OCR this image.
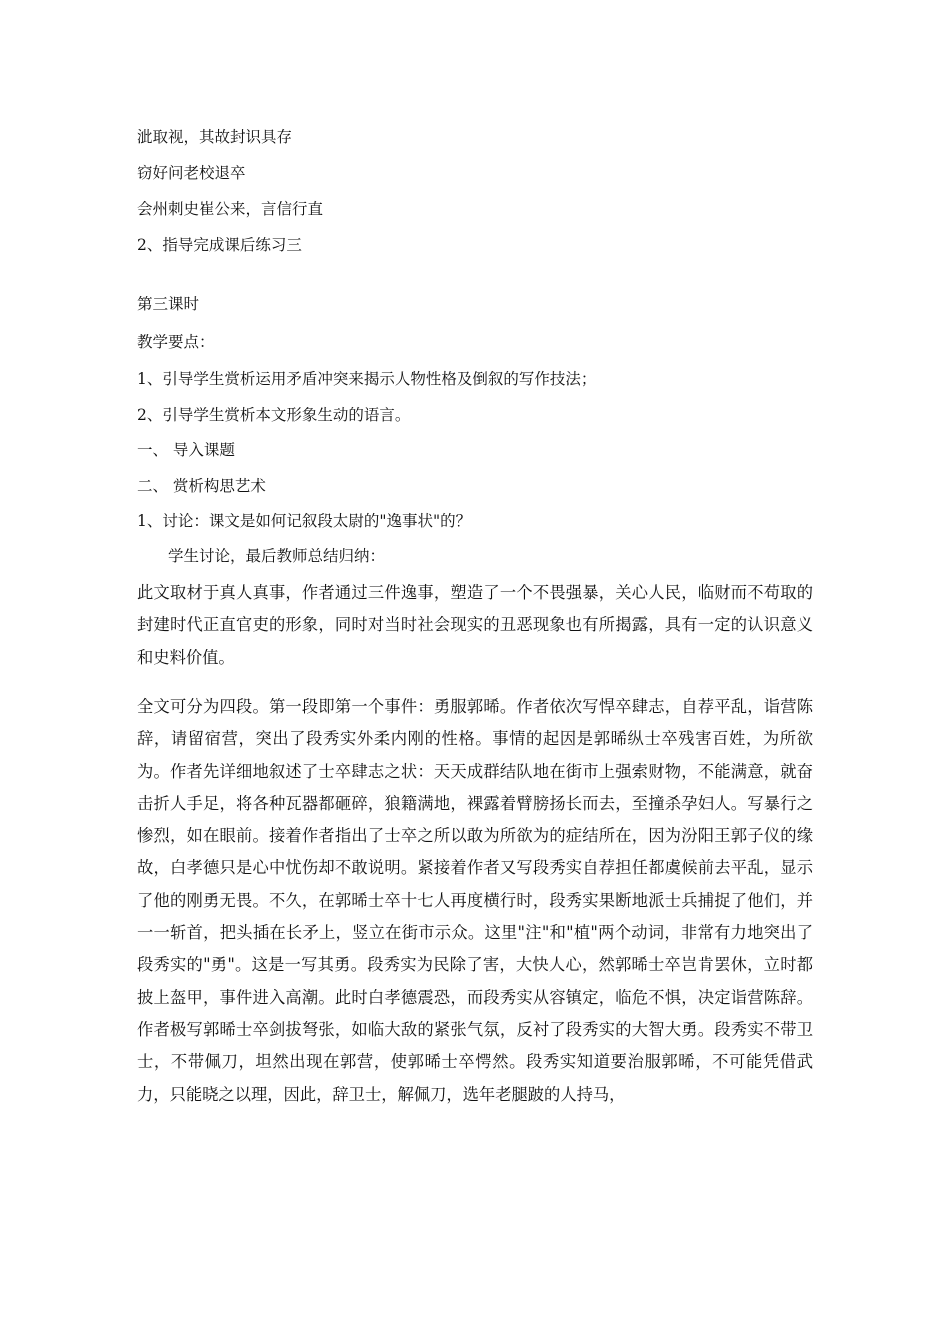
泚取视，其故封识具存
窃好问老校退卒
会州刺史崔公来，言信行直
2、指导完成课后练习三
第三课时
教学要点：
1、引导学生赏析运用矛盾冲突来揭示人物性格及倒叙的写作技法；
2、引导学生赏析本文形象生动的语言。
一、 导入课题
二、 赏析构思艺术
1、讨论：课文是如何记叙段太尉的"逸事状"的？
学生讨论，最后教师总结归纳：
此文取材于真人真事，作者通过三件逸事，塑造了一个不畏强暴，关心人民，临财而不苟取的封建时代正直官吏的形象，同时对当时社会现实的丑恶现象也有所揭露，具有一定的认识意义和史料价值。
全文可分为四段。第一段即第一个事件：勇服郭晞。作者依次写悍卒肆志，自荐平乱，诣营陈辞，请留宿营，突出了段秀实外柔内刚的性格。事情的起因是郭晞纵士卒残害百姓，为所欲为。作者先详细地叙述了士卒肆志之状：天天成群结队地在街市上强索财物，不能满意，就奋击折人手足，将各种瓦器都砸碎，狼籍满地，裸露着臂膀扬长而去，至撞杀孕妇人。写暴行之惨烈，如在眼前。接着作者指出了士卒之所以敢为所欲为的症结所在，因为汾阳王郭子仪的缘故，白孝德只是心中忧伤却不敢说明。紧接着作者又写段秀实自荐担任都虞候前去平乱，显示了他的刚勇无畏。不久，在郭晞士卒十七人再度横行时，段秀实果断地派士兵捕捉了他们，并一一斩首，把头插在长矛上，竖立在街市示众。这里"注"和"植"两个动词，非常有力地突出了段秀实的"勇"。这是一写其勇。段秀实为民除了害，大快人心，然郭晞士卒岂肯罢休，立时都披上盔甲，事件进入高潮。此时白孝德震恐，而段秀实从容镇定，临危不惧，决定诣营陈辞。作者极写郭晞士卒剑拔弩张，如临大敌的紧张气氛，反衬了段秀实的大智大勇。段秀实不带卫士，不带佩刀，坦然出现在郭营，使郭晞士卒愕然。段秀实知道要治服郭晞，不可能凭借武力，只能晓之以理，因此，辞卫士，解佩刀，选年老腿跛的人持马，
